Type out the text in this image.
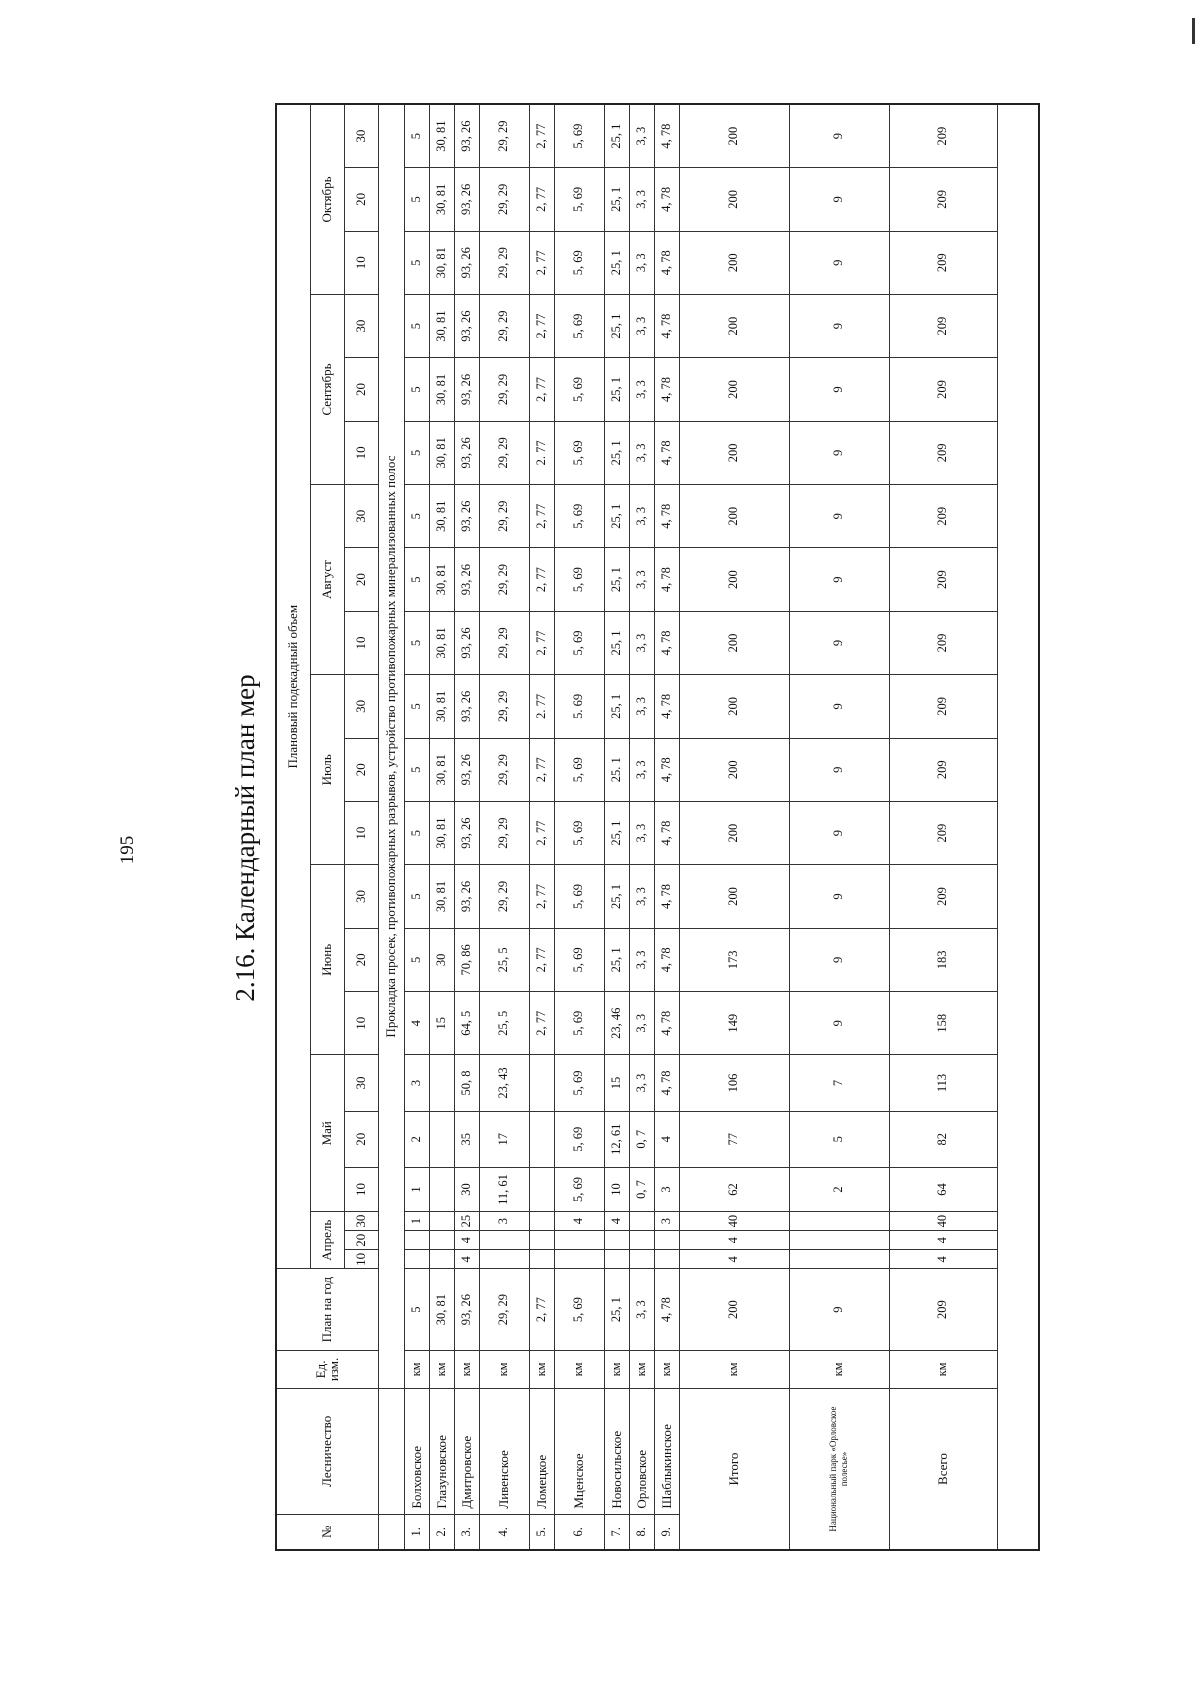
195	2.16. Календарный план мер
№	Лесничество	Ед. изм.	План на год	Плановый подекадный объем																				
				Апрель			Май			Июнь			Июль			Август			Сентябрь			Октябрь		
				10	20	30	10	20	30	10	20	30	10	20	30	10	20	30	10	20	30	10	20	30
		Прокладка просек, противопожарных разрывов, устройство противопожарных минерализованных полос																						
1.	Болховское	км	5			1	1	2	3	4	5	5	5	5	5	5	5	5	5	5	5	5	5	5
2.	Глазуновское	км	30, 81							15	30	30, 81	30, 81	30, 81	30, 81	30, 81	30, 81	30, 81	30, 81	30, 81	30, 81	30, 81	30, 81	30, 81
3.	Дмитровское	км	93, 26	4	4	25	30	35	50, 8	64, 5	70, 86	93, 26	93, 26	93, 26	93, 26	93, 26	93, 26	93, 26	93, 26	93, 26	93, 26	93, 26	93, 26	93, 26
4.	Ливенское	км	29, 29			3	11, 61	17	23, 43	25, 5	25, 5	29, 29	29, 29	29, 29	29, 29	29, 29	29, 29	29, 29	29, 29	29, 29	29, 29	29, 29	29, 29	29, 29
5.	Ломецкое	км	2, 77							2, 77	2, 77	2, 77	2, 77	2, 77	2. 77	2, 77	2, 77	2, 77	2. 77	2, 77	2, 77	2, 77	2, 77	2, 77
6.	Мценское	км	5, 69			4	5, 69	5, 69	5, 69	5, 69	5, 69	5, 69	5, 69	5, 69	5. 69	5, 69	5, 69	5, 69	5, 69	5, 69	5, 69	5, 69	5, 69	5, 69
7.	Новосильское	км	25, 1			4	10	12, 61	15	23, 46	25, 1	25, 1	25, 1	25. 1	25, 1	25, 1	25, 1	25, 1	25, 1	25, 1	25, 1	25, 1	25, 1	25, 1
8.	Орловское	км	3, 3				0, 7	0, 7	3, 3	3, 3	3, 3	3, 3	3, 3	3, 3	3, 3	3, 3	3, 3	3, 3	3, 3	3, 3	3, 3	3, 3	3, 3	3, 3
9.	Шаблыкинское	км	4, 78			3	3	4	4, 78	4, 78	4, 78	4, 78	4, 78	4, 78	4, 78	4, 78	4, 78	4, 78	4, 78	4, 78	4, 78	4, 78	4, 78	4, 78
Итого		км	200	4	4	40	62	77	106	149	173	200	200	200	200	200	200	200	200	200	200	200	200	200
Национальный парк «Орловское полесье»		км	9				2	5	7	9	9	9	9	9	9	9	9	9	9	9	9	9	9	9
Всего		км	209	4	4	40	64	82	113	158	183	209	209	209	209	209	209	209	209	209	209	209	209	209
